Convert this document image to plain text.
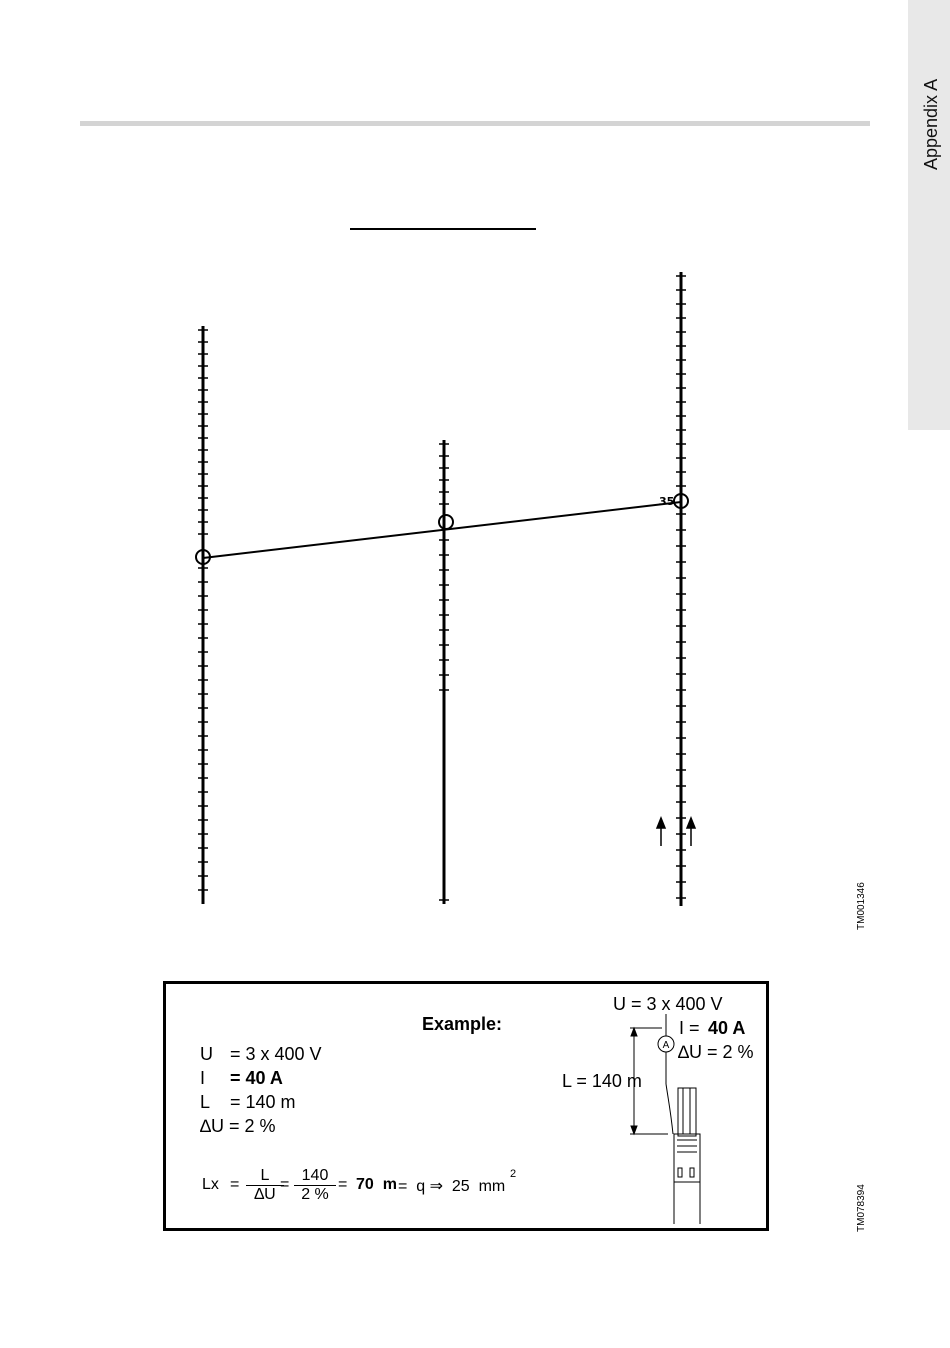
Appendix A
35
TM001346
Example:
U = 3 x 400 V
I = 40 A
L = 140 m
∆U = 2 %
$Lx = \frac{L}{\Delta U}$
= $\frac{140}{2 \%} = 70$  m =  q ⇒  25  mm
2
U = 3 x 400 V
I = 40 A
∆U = 2 %
L = 140 m
A
TM078394
